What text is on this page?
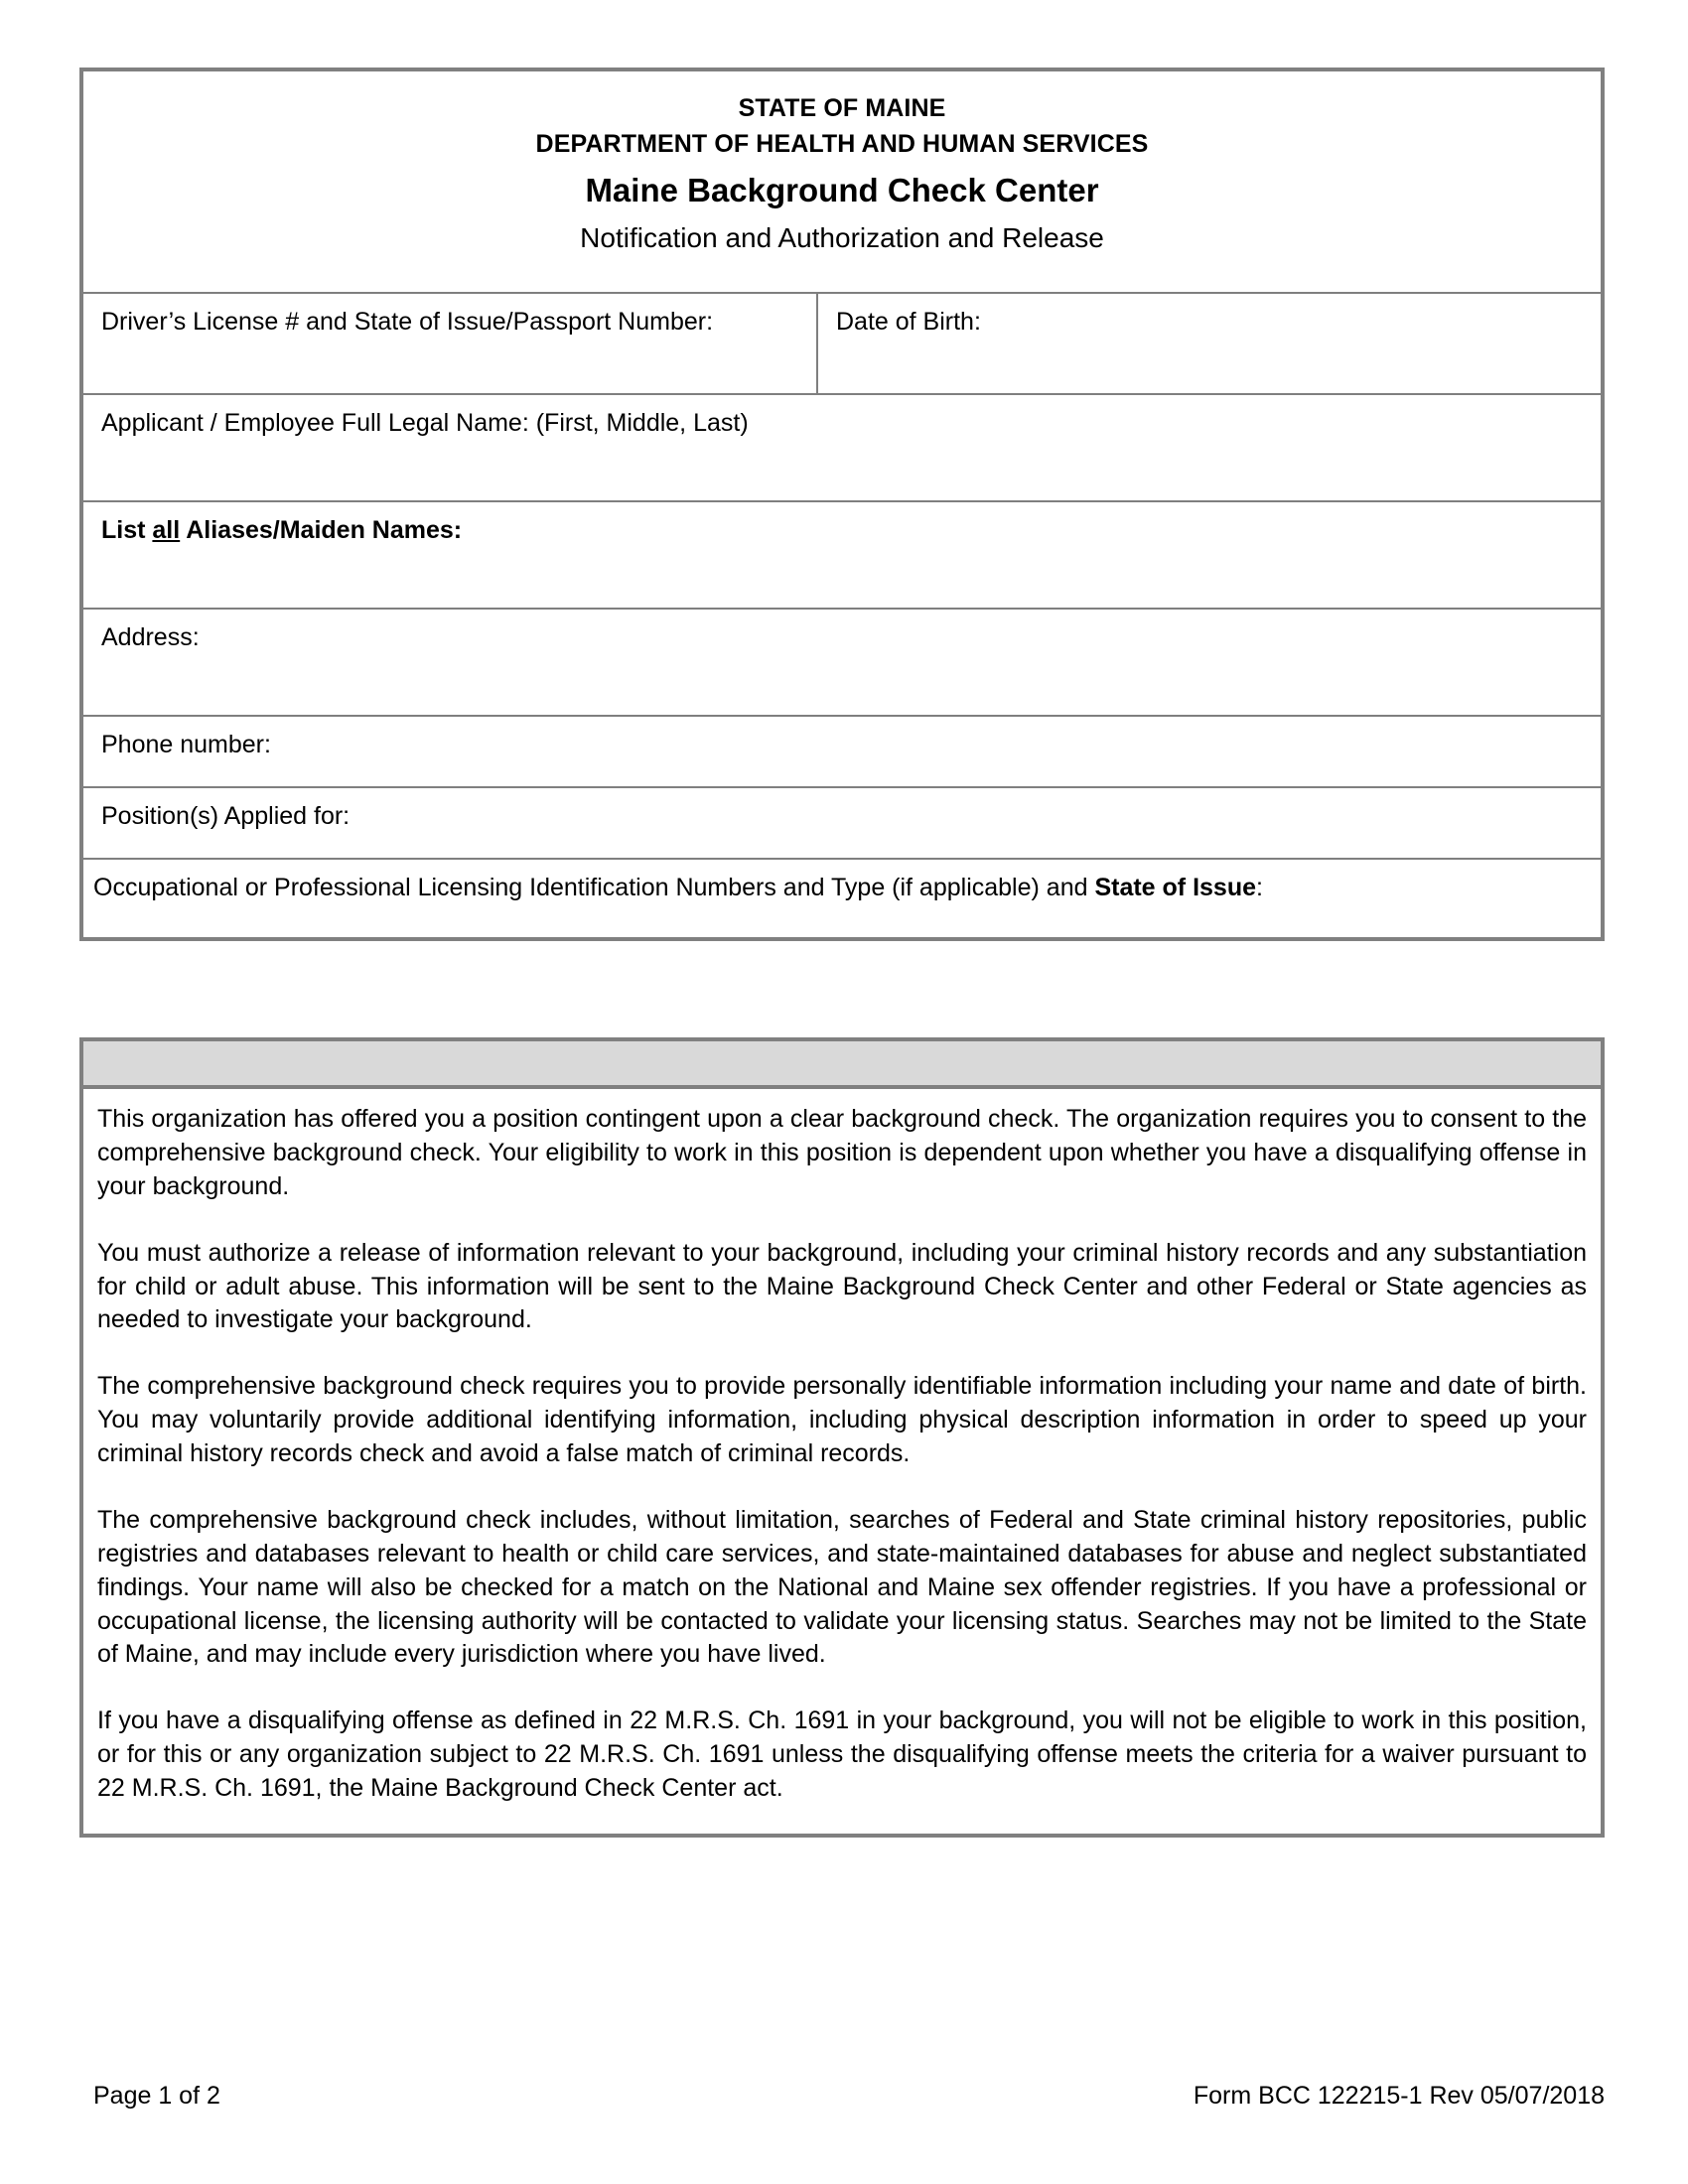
STATE OF MAINE
DEPARTMENT OF HEALTH AND HUMAN SERVICES
Maine Background Check Center
Notification and Authorization and Release
Driver’s License # and State of Issue/Passport Number:	Date of Birth:
Applicant / Employee Full Legal Name: (First, Middle, Last)
List all Aliases/Maiden Names:
Address:
Phone number:
Position(s) Applied for:
Occupational or Professional Licensing Identification Numbers and Type (if applicable) and State of Issue:

This organization has offered you a position contingent upon a clear background check. The organization requires you to consent to the comprehensive background check. Your eligibility to work in this position is dependent upon whether you have a disqualifying offense in your background.

You must authorize a release of information relevant to your background, including your criminal history records and any substantiation for child or adult abuse. This information will be sent to the Maine Background Check Center and other Federal or State agencies as needed to investigate your background.

The comprehensive background check requires you to provide personally identifiable information including your name and date of birth. You may voluntarily provide additional identifying information, including physical description information in order to speed up your criminal history records check and avoid a false match of criminal records.

The comprehensive background check includes, without limitation, searches of Federal and State criminal history repositories, public registries and databases relevant to health or child care services, and state-maintained databases for abuse and neglect substantiated findings. Your name will also be checked for a match on the National and Maine sex offender registries. If you have a professional or occupational license, the licensing authority will be contacted to validate your licensing status. Searches may not be limited to the State of Maine, and may include every jurisdiction where you have lived.

If you have a disqualifying offense as defined in 22 M.R.S. Ch. 1691 in your background, you will not be eligible to work in this position, or for this or any organization subject to 22 M.R.S. Ch. 1691 unless the disqualifying offense meets the criteria for a waiver pursuant to 22 M.R.S. Ch. 1691, the Maine Background Check Center act.

Page 1 of 2	Form BCC 122215-1 Rev 05/07/2018
